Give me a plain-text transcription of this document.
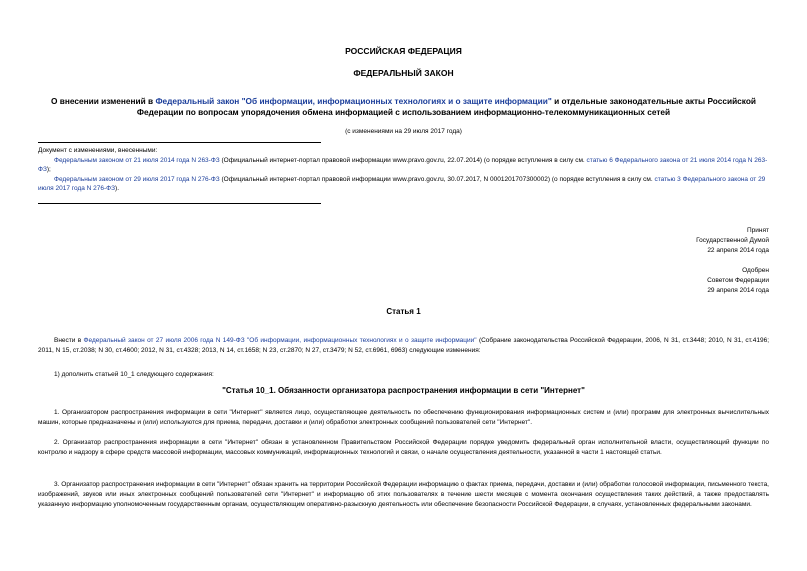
РОССИЙСКАЯ ФЕДЕРАЦИЯ
ФЕДЕРАЛЬНЫЙ ЗАКОН
О внесении изменений в Федеральный закон "Об информации, информационных технологиях и о защите информации" и отдельные законодательные акты Российской Федерации по вопросам упорядочения обмена информацией с использованием информационно-телекоммуникационных сетей
(с изменениями на 29 июля 2017 года)

Документ с изменениями, внесенными:

Федеральным законом от 21 июля 2014 года N 263-ФЗ (Официальный интернет-портал правовой информации www.pravo.gov.ru, 22.07.2014) (о порядке вступления в силу см. статью 6 Федерального закона от 21 июля 2014 года N 263-ФЗ);

Федеральным законом от 29 июля 2017 года N 276-ФЗ (Официальный интернет-портал правовой информации www.pravo.gov.ru, 30.07.2017, N 0001201707300002) (о порядке вступления в силу см. статью 3 Федерального закона от 29 июля 2017 года N 276-ФЗ).

Принят
Государственной Думой
22 апреля 2014 года
Одобрен
Советом Федерации
29 апреля 2014 года
Статья 1

Внести в Федеральный закон от 27 июля 2006 года N 149-ФЗ "Об информации, информационных технологиях и о защите информации" (Собрание законодательства Российской Федерации, 2006, N 31, ст.3448; 2010, N 31, ст.4196; 2011, N 15, ст.2038; N 30, ст.4600; 2012, N 31, ст.4328; 2013, N 14, ст.1658; N 23, ст.2870; N 27, ст.3479; N 52, ст.6961, 6963) следующие изменения:

1) дополнить статьей 10_1 следующего содержания:

"Статья 10_1. Обязанности организатора распространения информации в сети "Интернет"

1. Организатором распространения информации в сети "Интернет" является лицо, осуществляющее деятельность по обеспечению функционирования информационных систем и (или) программ для электронных вычислительных машин, которые предназначены и (или) используются для приема, передачи, доставки и (или) обработки электронных сообщений пользователей сети "Интернет".

2. Организатор распространения информации в сети "Интернет" обязан в установленном Правительством Российской Федерации порядке уведомить федеральный орган исполнительной власти, осуществляющий функции по контролю и надзору в сфере средств массовой информации, массовых коммуникаций, информационных технологий и связи, о начале осуществления деятельности, указанной в части 1 настоящей статьи.

3. Организатор распространения информации в сети "Интернет" обязан хранить на территории Российской Федерации информацию о фактах приема, передачи, доставки и (или) обработки голосовой информации, письменного текста, изображений, звуков или иных электронных сообщений пользователей сети "Интернет" и информацию об этих пользователях в течение шести месяцев с момента окончания осуществления таких действий, а также предоставлять указанную информацию уполномоченным государственным органам, осуществляющим оперативно-разыскную деятельность или обеспечение безопасности Российской Федерации, в случаях, установленных федеральными законами.
